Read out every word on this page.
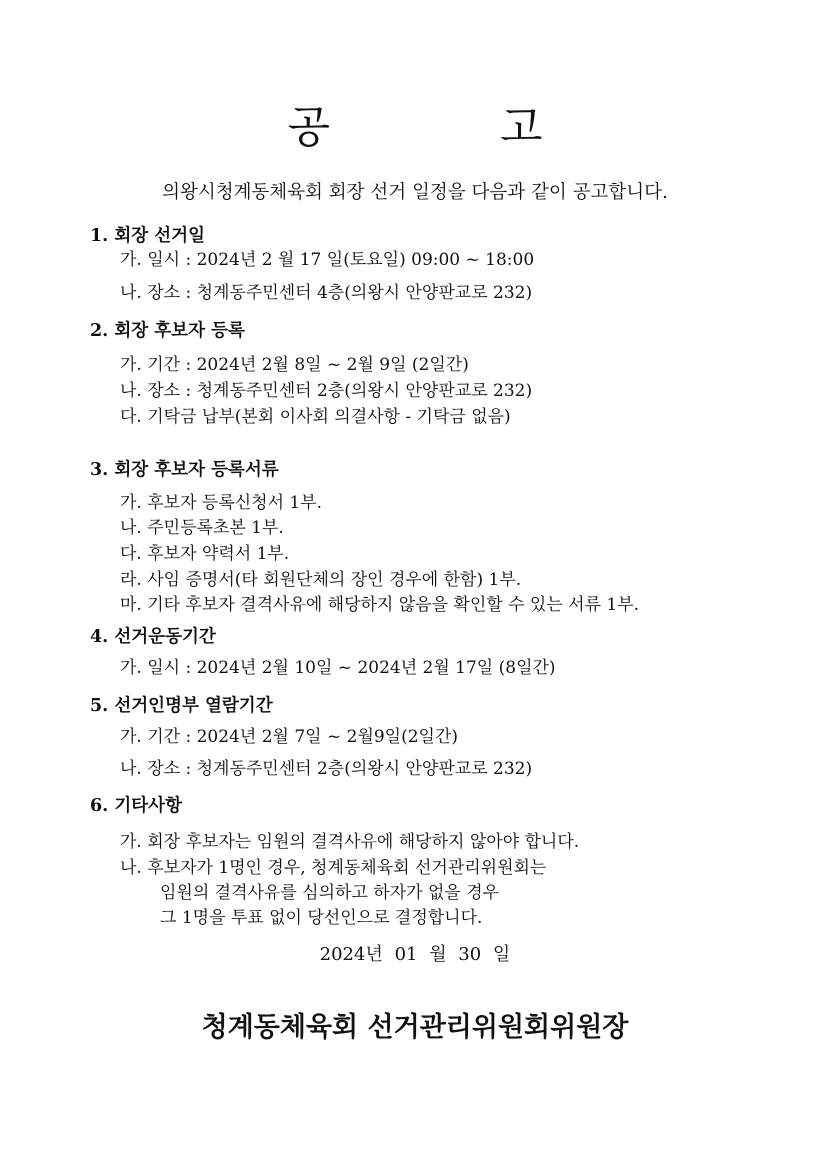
공 고
의왕시청계동체육회 회장 선거 일정을 다음과 같이 공고합니다.
1. 회장 선거일
가. 일시 : 2024년 2 월 17 일(토요일) 09:00 ~ 18:00
나. 장소 : 청계동주민센터 4층(의왕시 안양판교로 232)
2. 회장 후보자 등록
가. 기간 : 2024년 2월 8일 ~ 2월 9일 (2일간)
나. 장소 : 청계동주민센터 2층(의왕시 안양판교로 232)
다. 기탁금 납부(본회 이사회 의결사항 - 기탁금 없음)
3. 회장 후보자 등록서류
가. 후보자 등록신청서 1부.
나. 주민등록초본 1부.
다. 후보자 약력서 1부.
라. 사임 증명서(타 회원단체의 장인 경우에 한함) 1부.
마. 기타 후보자 결격사유에 해당하지 않음을 확인할 수 있는 서류 1부.
4. 선거운동기간
가. 일시 : 2024년 2월 10일 ~ 2024년 2월 17일 (8일간)
5. 선거인명부 열람기간
가. 기간 : 2024년 2월 7일 ~ 2월9일(2일간)
나. 장소 : 청계동주민센터 2층(의왕시 안양판교로 232)
6. 기타사항
가. 회장 후보자는 임원의 결격사유에 해당하지 않아야 합니다.
나. 후보자가 1명인 경우, 청계동체육회 선거관리위원회는
임원의 결격사유를 심의하고 하자가 없을 경우
그 1명을 투표 없이 당선인으로 결정합니다.
2024년 01 월 30 일
청계동체육회 선거관리위원회위원장
